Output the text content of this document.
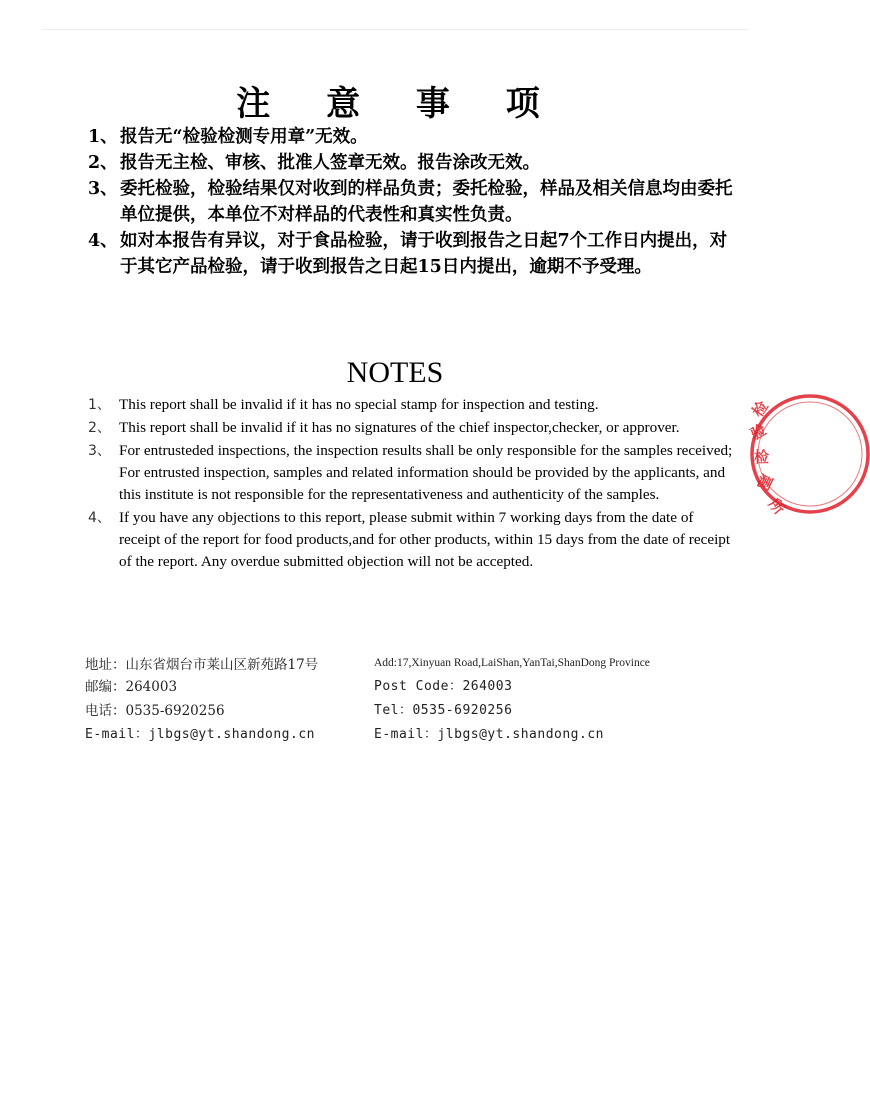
注 意 事 项
1、 报告无“检验检测专用章”无效。
2、 报告无主检、审核、批准人签章无效。报告涂改无效。
3、 委托检验，检验结果仅对收到的样品负责；委托检验，样品及相关信息均由委托单位提供，本单位不对样品的代表性和真实性负责。
4、 如对本报告有异议，对于食品检验，请于收到报告之日起7个工作日内提出，对于其它产品检验，请于收到报告之日起15日内提出，逾期不予受理。
NOTES
1、 This report shall be invalid if it has no special stamp for inspection and testing.
2、 This report shall be invalid if it has no signatures of the chief inspector,checker, or approver.
3、 For entrusteded inspections, the inspection results shall be only responsible for the samples received; For entrusted inspection, samples and related information should be provided by the applicants, and this institute is not responsible for the representativeness and authenticity of the samples.
4、 If you have any objections to this report, please submit within 7 working days from the date of receipt of the report for food products,and for other products, within 15 days from the date of receipt of the report. Any overdue submitted objection will not be accepted.
地址：山东省烟台市莱山区新苑路17号
邮编：264003
电话：0535-6920256
E-mail：jlbgs@yt.shandong.cn
Add:17,Xinyuan Road,LaiShan,YanTai,ShanDong Province
Post Code：264003
Tel：0535-6920256
E-mail：jlbgs@yt.shandong.cn
检
验
检
测
所
